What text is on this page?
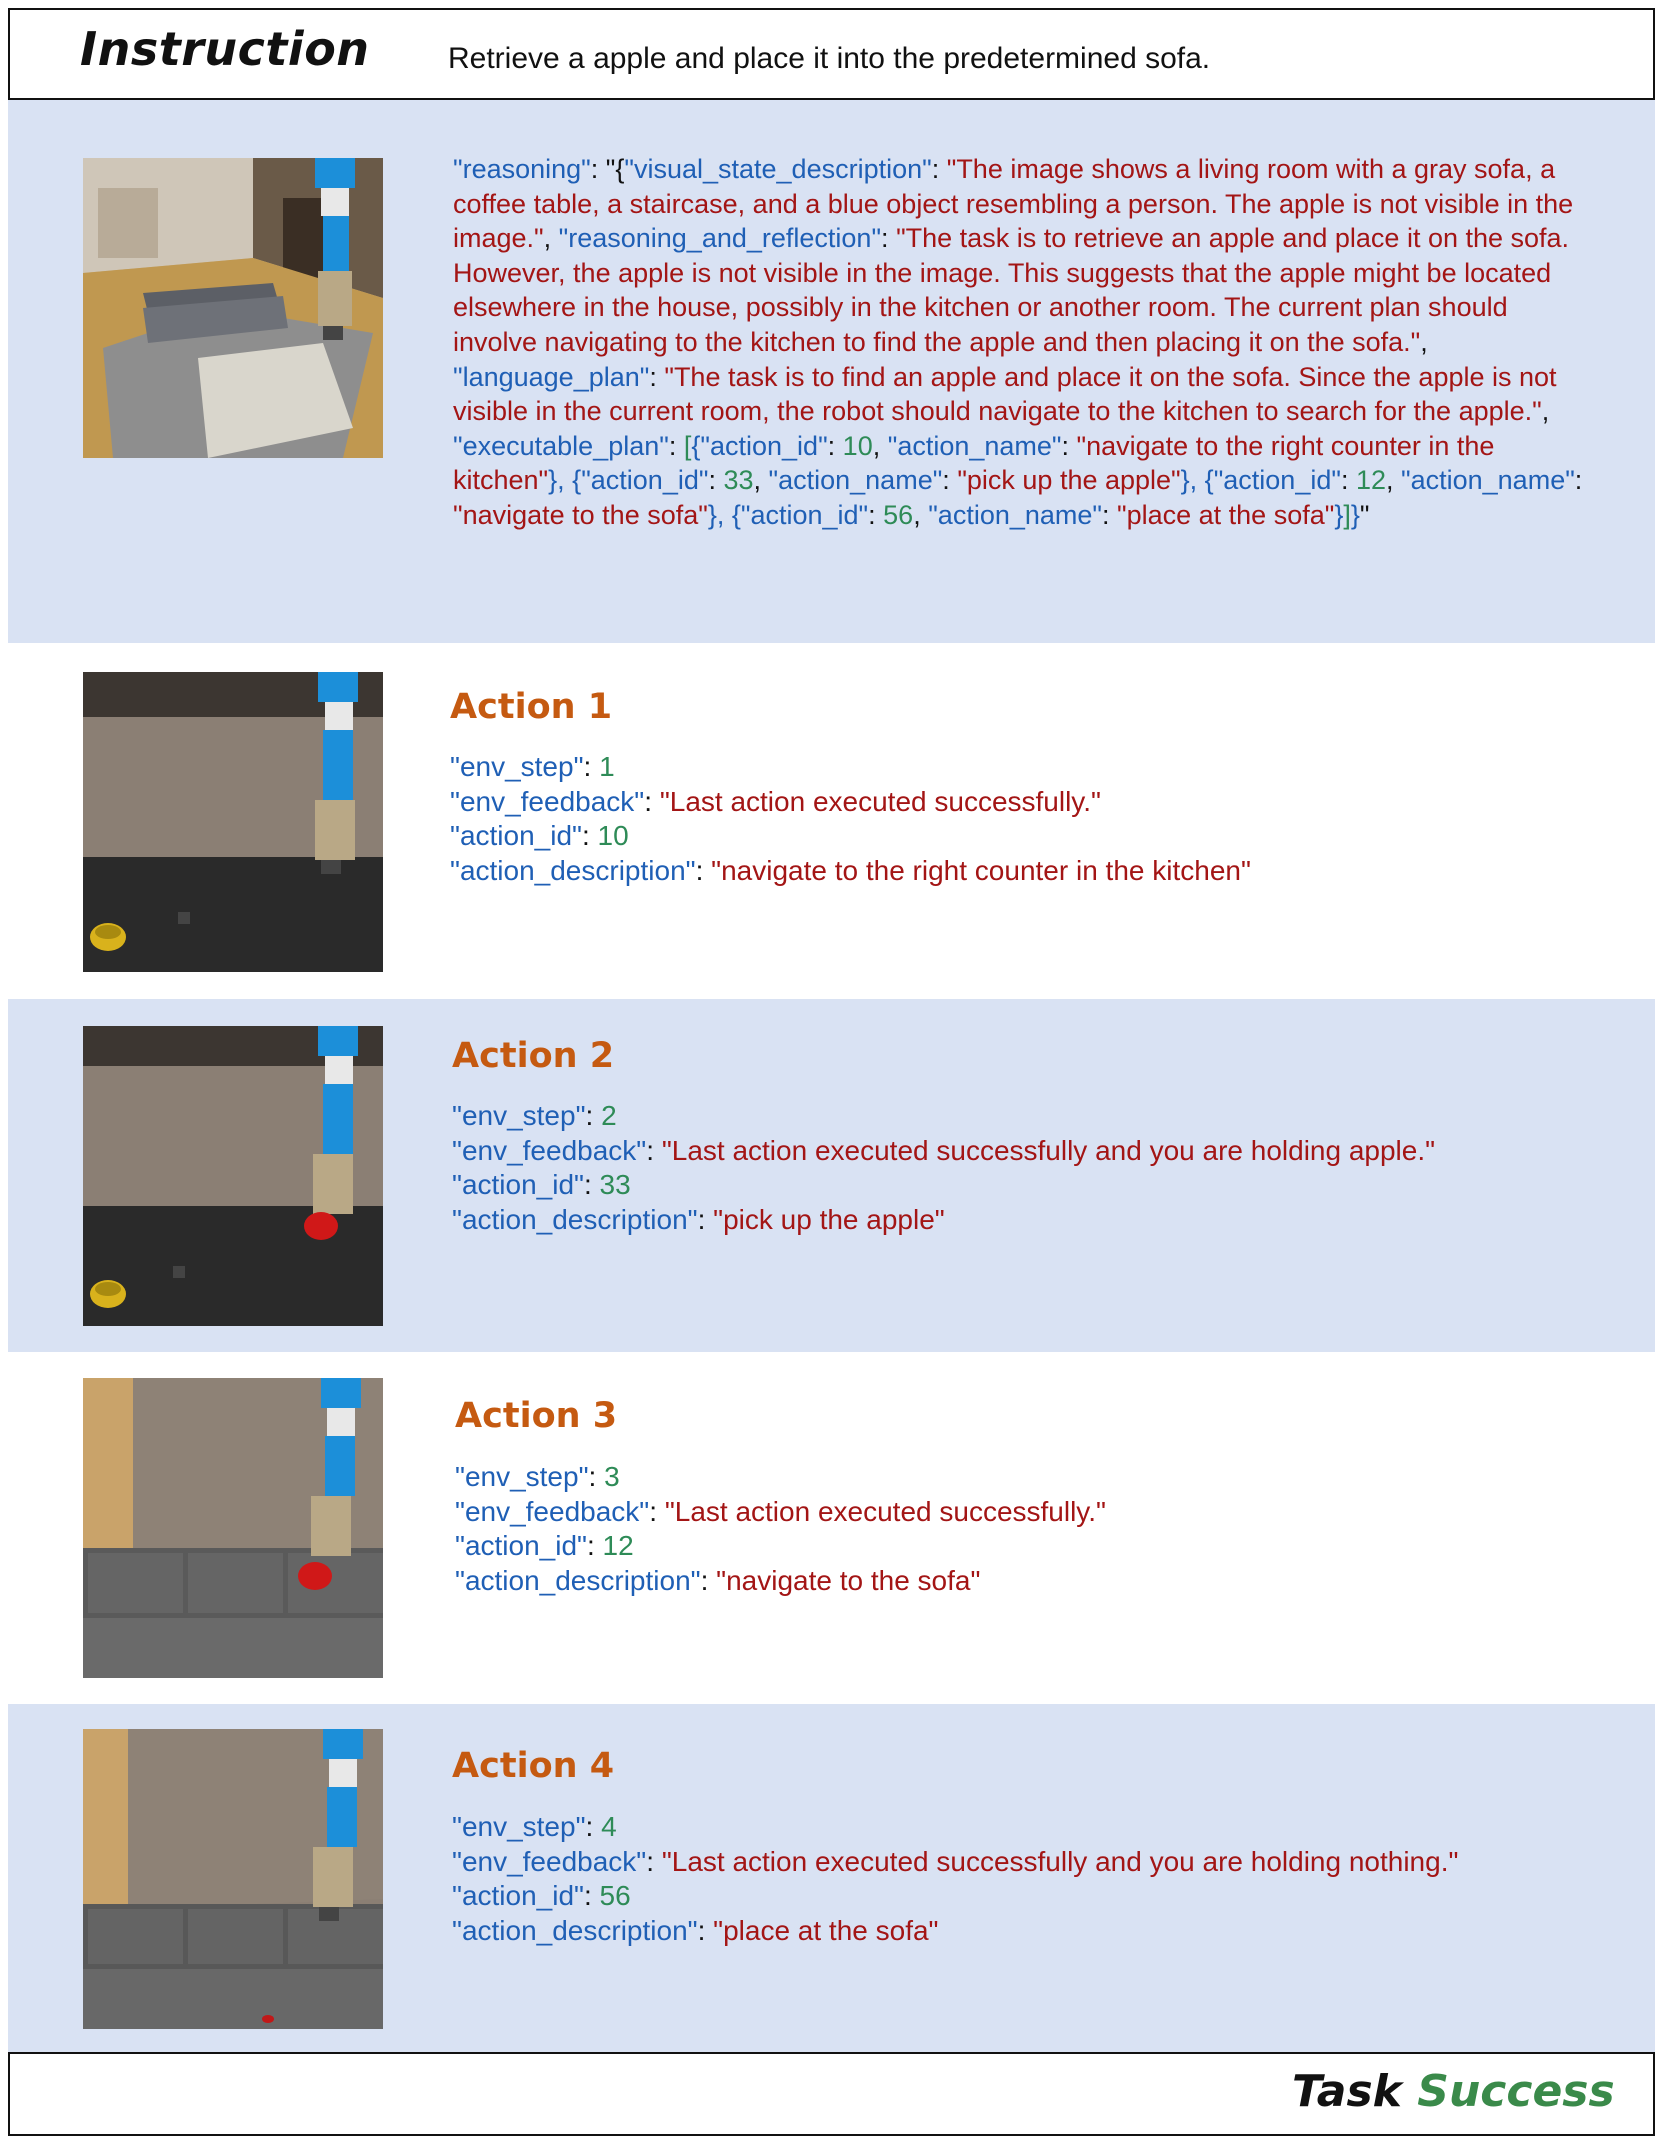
Instruction	Retrieve a apple and place it into the predetermined sofa.
"reasoning": "{"visual_state_description": "The image shows a living room with a gray sofa, a coffee table, a staircase, and a blue object resembling a person. The apple is not visible in the image.", "reasoning_and_reflection": "The task is to retrieve an apple and place it on the sofa. However, the apple is not visible in the image. This suggests that the apple might be located elsewhere in the house, possibly in the kitchen or another room. The current plan should involve navigating to the kitchen to find the apple and then placing it on the sofa.", "language_plan": "The task is to find an apple and place it on the sofa. Since the apple is not visible in the current room, the robot should navigate to the kitchen to search for the apple.", "executable_plan": [{"action_id": 10, "action_name": "navigate to the right counter in the kitchen"}, {"action_id": 33, "action_name": "pick up the apple"}, {"action_id": 12, "action_name": "navigate to the sofa"}, {"action_id": 56, "action_name": "place at the sofa"}]}"
Action 1
"env_step": 1
"env_feedback": "Last action executed successfully."
"action_id": 10
"action_description": "navigate to the right counter in the kitchen"
Action 2
"env_step": 2
"env_feedback": "Last action executed successfully and you are holding apple."
"action_id": 33
"action_description": "pick up the apple"
Action 3
"env_step": 3
"env_feedback": "Last action executed successfully."
"action_id": 12
"action_description": "navigate to the sofa"
Action 4
"env_step": 4
"env_feedback": "Last action executed successfully and you are holding nothing."
"action_id": 56
"action_description": "place at the sofa"
Task Success
